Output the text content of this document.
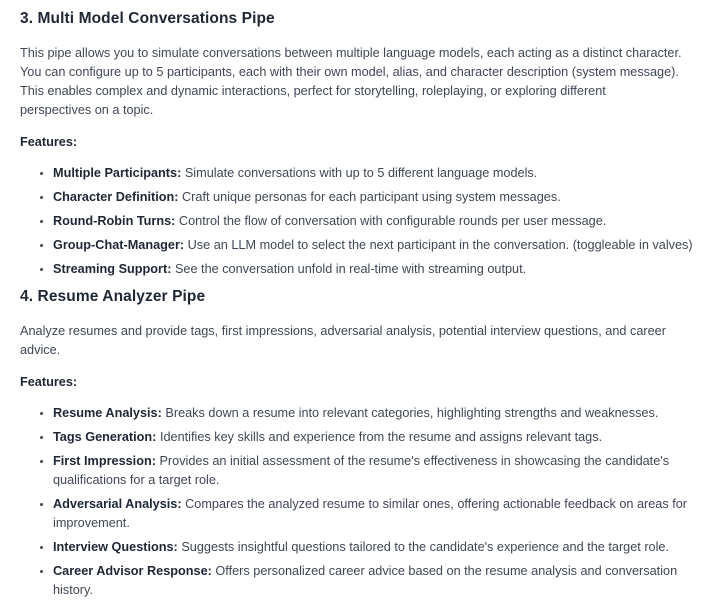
3. Multi Model Conversations Pipe
This pipe allows you to simulate conversations between multiple language models, each acting as a distinct character.
You can configure up to 5 participants, each with their own model, alias, and character description (system message).
This enables complex and dynamic interactions, perfect for storytelling, roleplaying, or exploring different
perspectives on a topic.

Features:

• Multiple Participants: Simulate conversations with up to 5 different language models.
• Character Definition: Craft unique personas for each participant using system messages.
• Round-Robin Turns: Control the flow of conversation with configurable rounds per user message.
• Group-Chat-Manager: Use an LLM model to select the next participant in the conversation. (toggleable in valves)
• Streaming Support: See the conversation unfold in real-time with streaming output.
4. Resume Analyzer Pipe
Analyze resumes and provide tags, first impressions, adversarial analysis, potential interview questions, and career
advice.

Features:

• Resume Analysis: Breaks down a resume into relevant categories, highlighting strengths and weaknesses.
• Tags Generation: Identifies key skills and experience from the resume and assigns relevant tags.
• First Impression: Provides an initial assessment of the resume's effectiveness in showcasing the candidate's
qualifications for a target role.
• Adversarial Analysis: Compares the analyzed resume to similar ones, offering actionable feedback on areas for
improvement.
• Interview Questions: Suggests insightful questions tailored to the candidate's experience and the target role.
• Career Advisor Response: Offers personalized career advice based on the resume analysis and conversation
history.
